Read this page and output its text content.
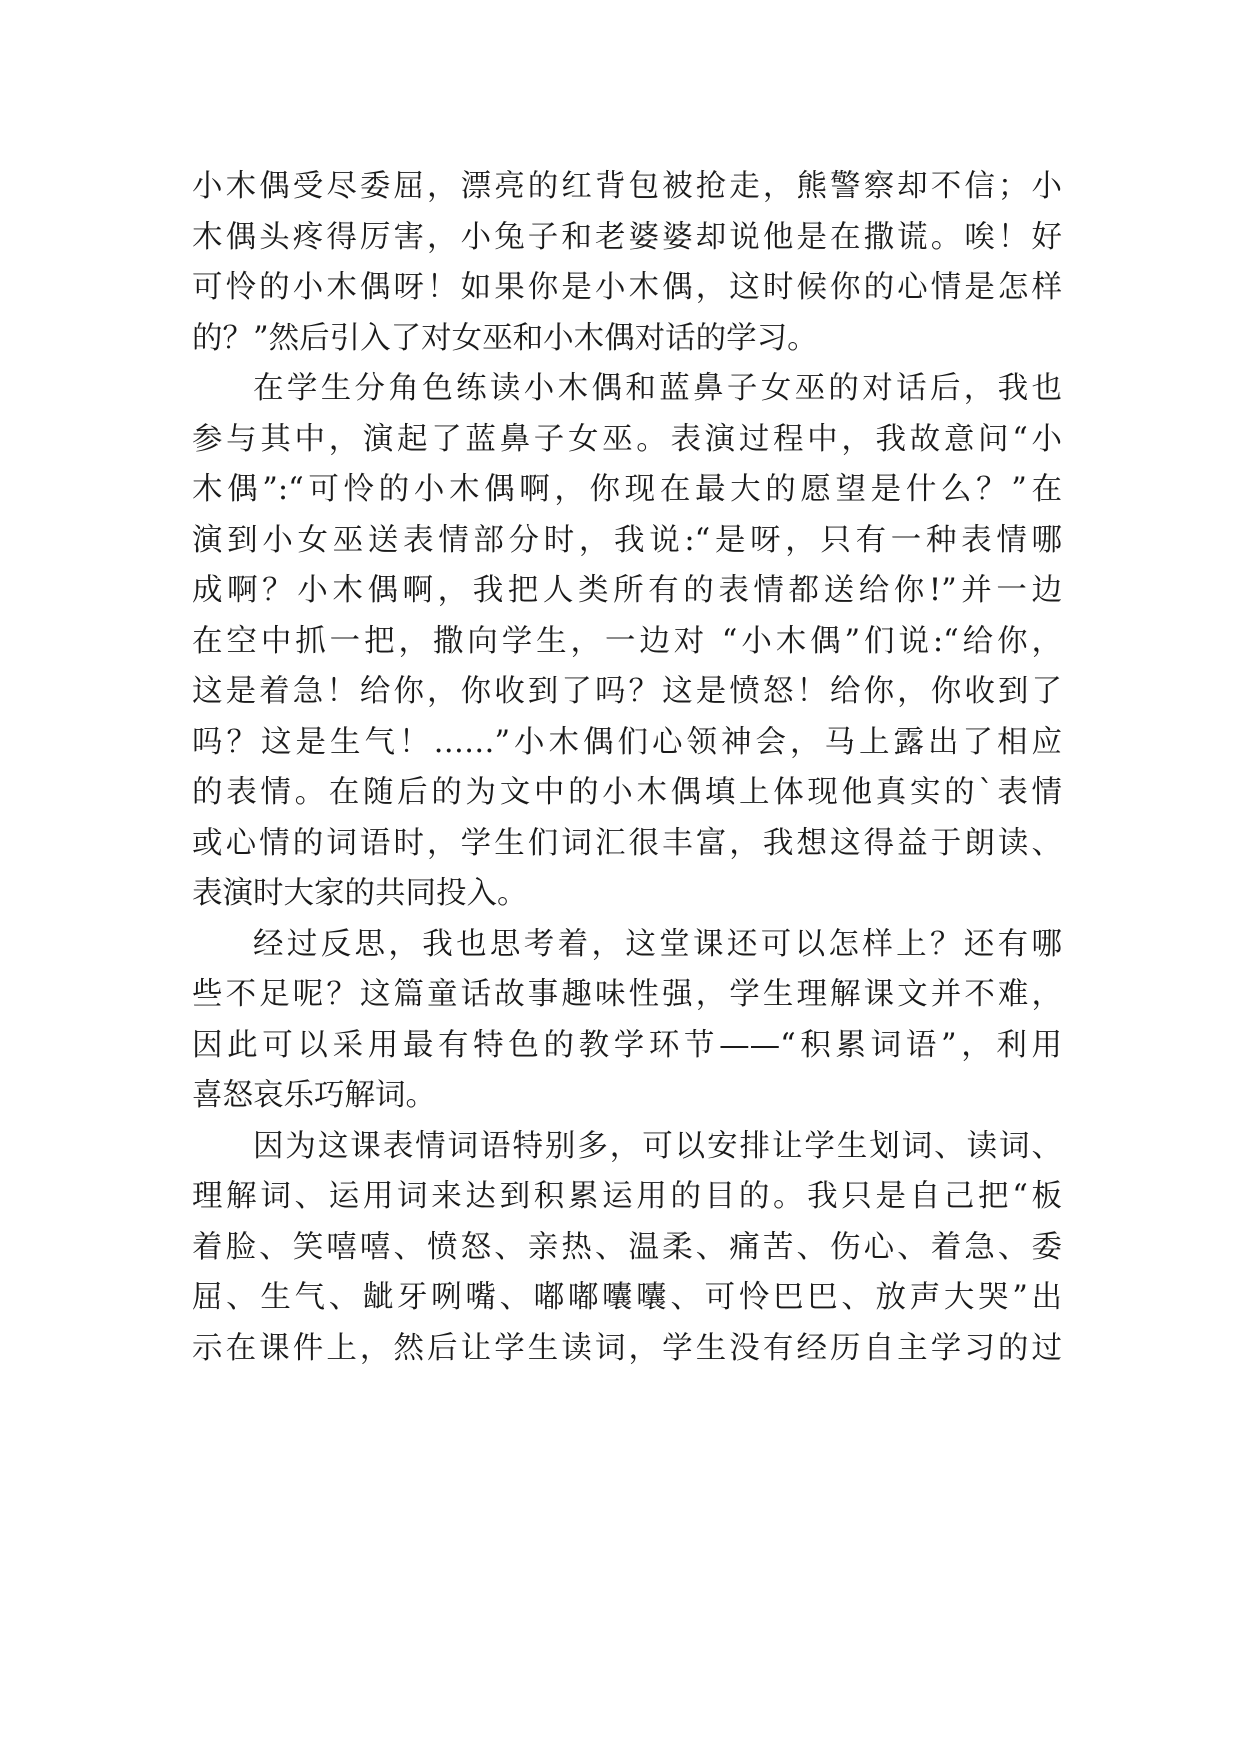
小木偶受尽委屈，漂亮的红背包被抢走，熊警察却不信；小
木偶头疼得厉害，小兔子和老婆婆却说他是在撒谎。唉！好
可怜的小木偶呀！如果你是小木偶，这时候你的心情是怎样
的？”然后引入了对女巫和小木偶对话的学习。
在学生分角色练读小木偶和蓝鼻子女巫的对话后，我也
参与其中，演起了蓝鼻子女巫。表演过程中，我故意问“小
木偶”:“可怜的小木偶啊，你现在最大的愿望是什么？”在
演到小女巫送表情部分时，我说:“是呀，只有一种表情哪
成啊？小木偶啊，我把人类所有的表情都送给你!”并一边
在空中抓一把，撒向学生，一边对 “小木偶”们说:“给你，
这是着急！给你，你收到了吗？这是愤怒！给你，你收到了
吗？这是生气！……”小木偶们心领神会，马上露出了相应
的表情。在随后的为文中的小木偶填上体现他真实的`表情
或心情的词语时，学生们词汇很丰富，我想这得益于朗读、
表演时大家的共同投入。
经过反思，我也思考着，这堂课还可以怎样上？还有哪
些不足呢？这篇童话故事趣味性强，学生理解课文并不难，
因此可以采用最有特色的教学环节——“积累词语”，利用
喜怒哀乐巧解词。
因为这课表情词语特别多，可以安排让学生划词、读词、
理解词、运用词来达到积累运用的目的。我只是自己把“板
着脸、笑嘻嘻、愤怒、亲热、温柔、痛苦、伤心、着急、委
屈、生气、龇牙咧嘴、嘟嘟囔囔、可怜巴巴、放声大哭”出
示在课件上，然后让学生读词，学生没有经历自主学习的过
